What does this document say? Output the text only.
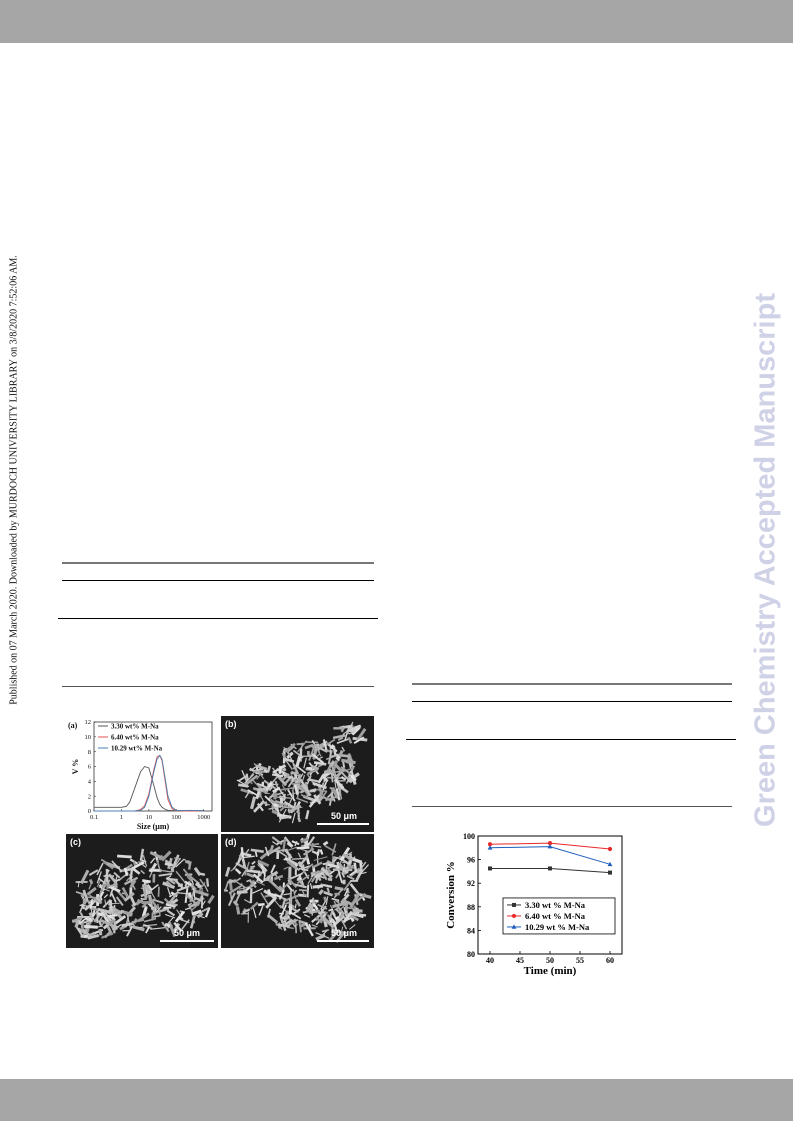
Published on 07 March 2020. Downloaded by MURDOCH UNIVERSITY LIBRARY on 3/8/2020 7:52:06 AM.	Green Chemistry Accepted Manuscript
(a)
0.1	1	10	100 1000
0
2
4
6
8
10
12
Size (μm)
V %
3.30 wt% M-Na
6.40 wt% M-Na
10.29 wt% M-Na
(b)
50 μm
(c)
50 μm
(d)
50 μm
40	45	50	55	60
80
84
88
92
96
100
Time (min)
Conversion %	3.30 wt % M-Na
6.40 wt % M-Na
10.29 wt % M-Na
